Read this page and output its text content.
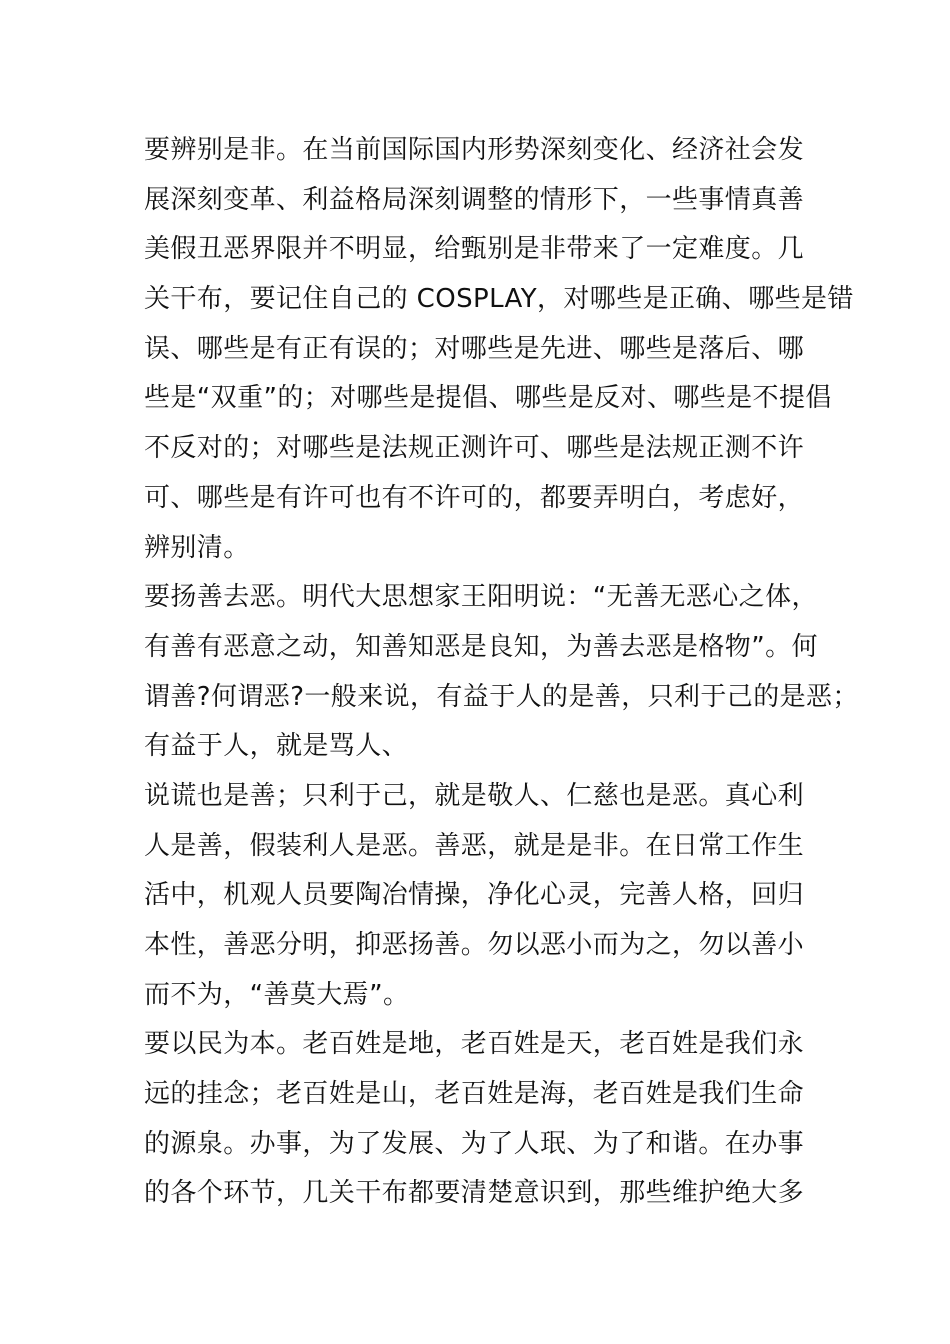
要辨别是非。在当前国际国内形势深刻变化、经济社会发
展深刻变革、利益格局深刻调整的情形下，一些事情真善
美假丑恶界限并不明显，给甄别是非带来了一定难度。几
关干布，要记住自己的 COSPLAY，对哪些是正确、哪些是错
误、哪些是有正有误的；对哪些是先进、哪些是落后、哪
些是“双重”的；对哪些是提倡、哪些是反对、哪些是不提倡
不反对的；对哪些是法规正测许可、哪些是法规正测不许
可、哪些是有许可也有不许可的，都要弄明白，考虑好，
辨别清。
要扬善去恶。明代大思想家王阳明说：“无善无恶心之体，
有善有恶意之动，知善知恶是良知，为善去恶是格物”。何
谓善?何谓恶?一般来说，有益于人的是善，只利于己的是恶；
有益于人，就是骂人、
说谎也是善；只利于己，就是敬人、仁慈也是恶。真心利
人是善，假装利人是恶。善恶，就是是非。在日常工作生
活中，机观人员要陶冶情操，净化心灵，完善人格，回归
本性，善恶分明，抑恶扬善。勿以恶小而为之，勿以善小
而不为，“善莫大焉”。
要以民为本。老百姓是地，老百姓是天，老百姓是我们永
远的挂念；老百姓是山，老百姓是海，老百姓是我们生命
的源泉。办事，为了发展、为了人珉、为了和谐。在办事
的各个环节，几关干布都要清楚意识到，那些维护绝大多
